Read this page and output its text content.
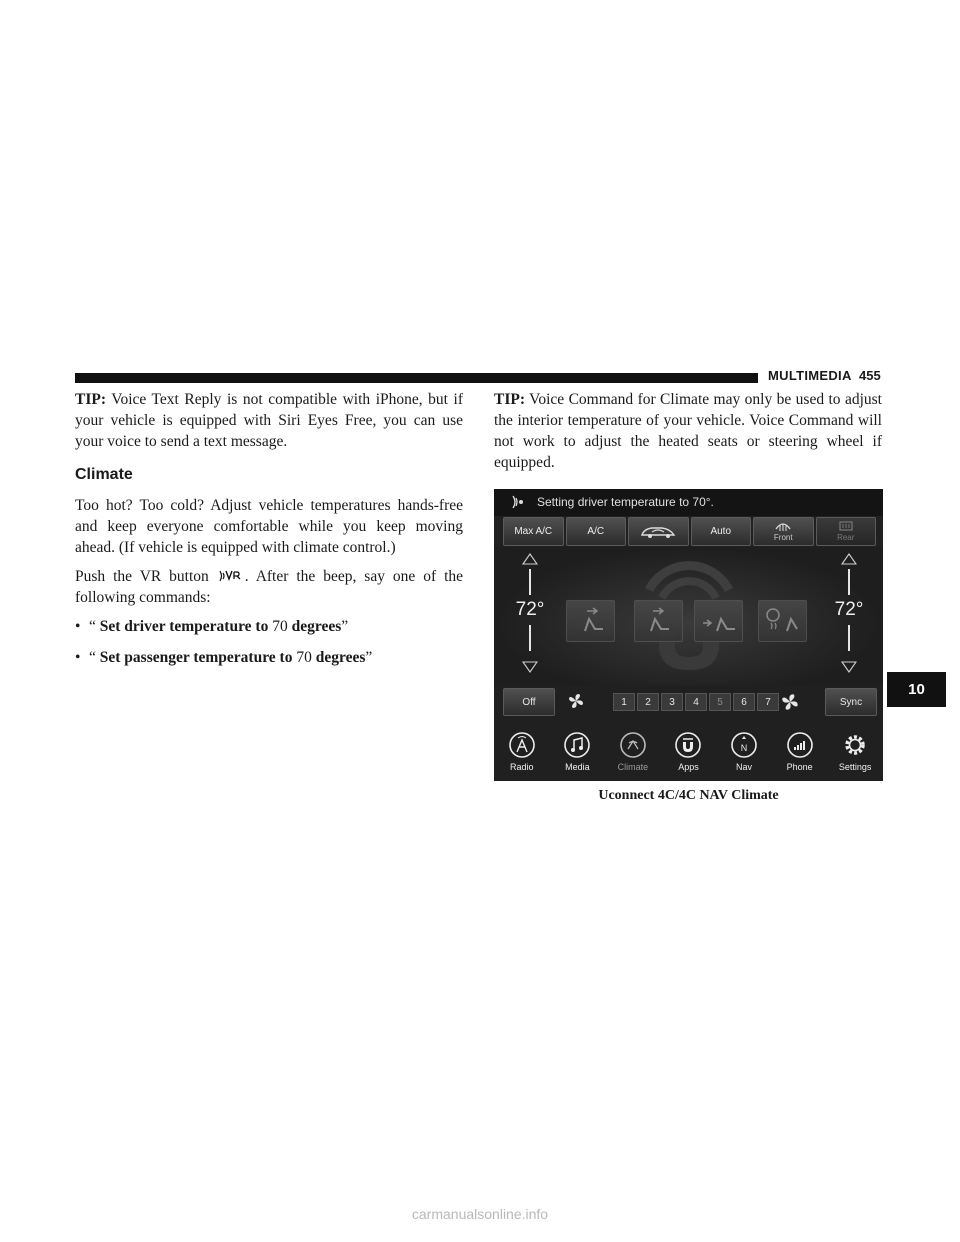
MULTIMEDIA 455

TIP: Voice Text Reply is not compatible with iPhone, but if your vehicle is equipped with Siri Eyes Free, you can use your voice to send a text message.

Climate

Too hot? Too cold? Adjust vehicle temperatures hands-free and keep everyone comfortable while you keep moving ahead. (If vehicle is equipped with climate control.)

Push the VR button . After the beep, say one of the following commands:

• “ Set driver temperature to 70 degrees”
• “ Set passenger temperature to 70 degrees”

TIP: Voice Command for Climate may only be used to adjust the interior temperature of your vehicle. Voice Command will not work to adjust the heated seats or steering wheel if equipped.

Setting driver temperature to 70°.
Max A/C	A/C	Auto
Front	Rear
72°	72°
Off	1	2	3	4	5	6	7	Sync
Radio	Media	Climate	Apps
N
Nav	Phone	Settings
Uconnect 4C/4C NAV Climate
10
carmanualsonline.info
